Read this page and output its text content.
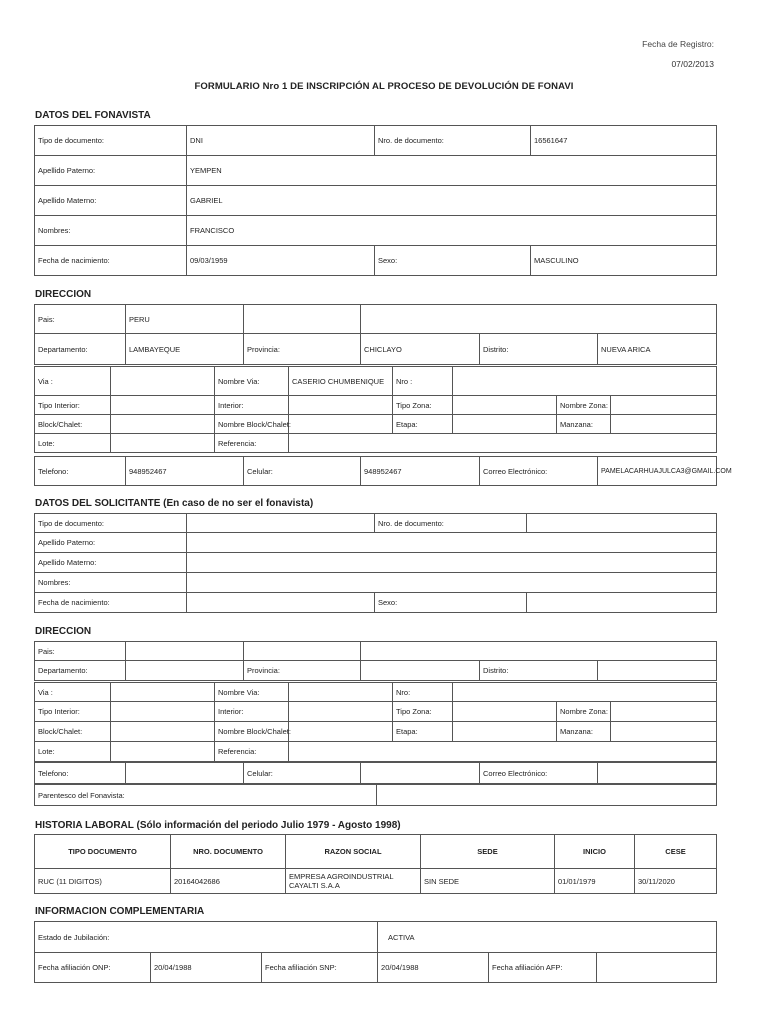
Fecha de Registro:
07/02/2013
FORMULARIO Nro 1 DE INSCRIPCIÓN AL PROCESO DE DEVOLUCIÓN DE FONAVI
DATOS DEL FONAVISTA
Tipo de documento:	DNI	Nro. de documento:	16561647
Apellido Paterno:	YEMPEN		
Apellido Materno:	GABRIEL		
Nombres:	FRANCISCO		
Fecha de nacimiento:	09/03/1959	Sexo:	MASCULINO
DIRECCION
Pais:	PERU				
Departamento:	LAMBAYEQUE	Provincia:	CHICLAYO	Distrito:	NUEVA ARICA
Via :		Nombre Via:	CASERIO CHUMBENIQUE	Nro :			
Tipo Interior:		Interior:		Tipo Zona:		Nombre Zona:	
Block/Chalet:		Nombre Block/Chalet:		Etapa:		Manzana:	
Lote:		Referencia:					
Telefono:	948952467	Celular:	948952467	Correo Electrónico:	PAMELACARHUAJULCA3@GMAIL.COM
DATOS DEL SOLICITANTE (En caso de no ser el fonavista)
Tipo de documento:		Nro. de documento:	
Apellido Paterno:			
Apellido Materno:			
Nombres:			
Fecha de nacimiento:		Sexo:	
DIRECCION
Pais:					
Departamento:		Provincia:		Distrito:	
Via :		Nombre Via:		Nro:			
Tipo Interior:		Interior:		Tipo Zona:		Nombre Zona:	
Block/Chalet:		Nombre Block/Chalet:		Etapa:		Manzana:	
Lote:		Referencia:					
Telefono:		Celular:		Correo Electrónico:	
Parentesco del Fonavista:	
HISTORIA LABORAL (Sólo información del periodo Julio 1979 - Agosto 1998)
TIPO DOCUMENTO	NRO. DOCUMENTO	RAZON SOCIAL	SEDE	INICIO	CESE
RUC (11 DIGITOS)	20164042686	EMPRESA AGROINDUSTRIAL CAYALTI S.A.A	SIN SEDE	01/01/1979	30/11/2020
INFORMACION COMPLEMENTARIA
Estado de Jubilación:			ACTIVA		
Fecha afiliación ONP:	20/04/1988	Fecha afiliación SNP:	20/04/1988	Fecha afiliación AFP:	
